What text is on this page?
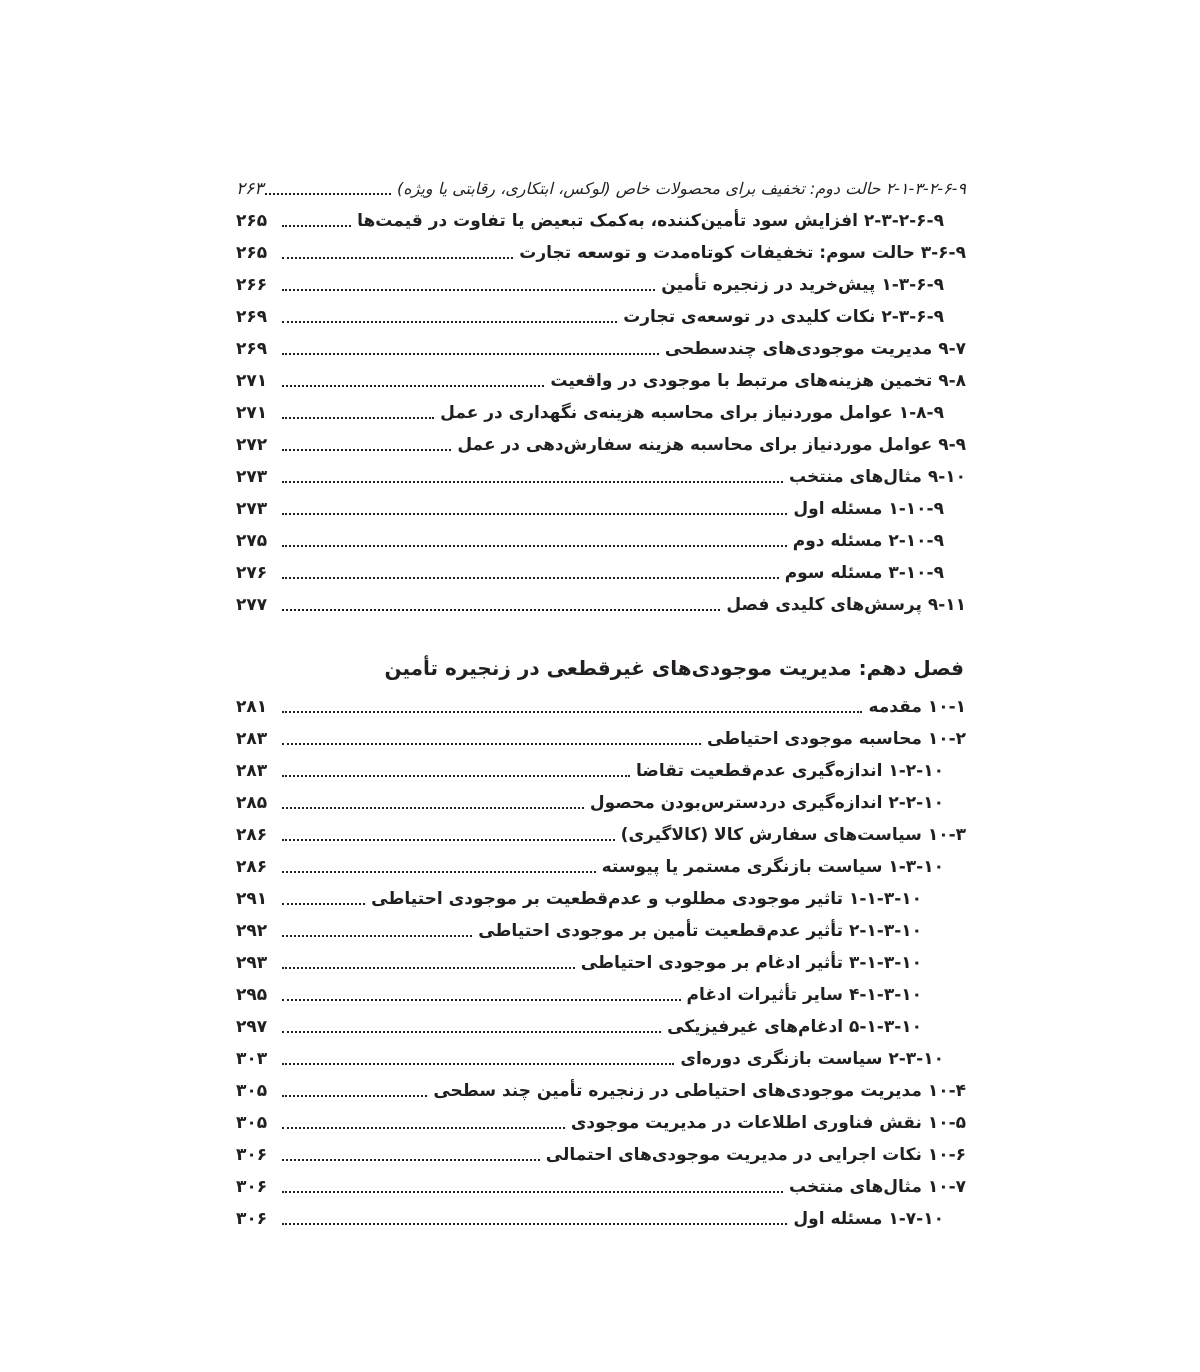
۲-۱-۳-۲-۶-۹ حالت دوم: تخفیف برای محصولات خاص (لوکس، ابتکاری، رقابتی یا ویژه)
۲۶۳
۲-۳-۲-۶-۹ افزایش سود تأمین‌کننده، به‌کمک تبعیض یا تفاوت در قیمت‌ها
۲۶۵
۳-۶-۹ حالت سوم: تخفیفات کوتاه‌مدت و توسعه تجارت
۲۶۵
۱-۳-۶-۹ پیش‌خرید در زنجیره تأمین
۲۶۶
۲-۳-۶-۹ نکات کلیدی در توسعه‌ی تجارت
۲۶۹
۹-۷ مدیریت موجودی‌های چندسطحی
۲۶۹
۹-۸ تخمین هزینه‌های مرتبط با موجودی در واقعیت
۲۷۱
۱-۸-۹ عوامل موردنیاز برای محاسبه هزینه‌ی نگهداری در عمل
۲۷۱
۹-۹ عوامل موردنیاز برای محاسبه هزینه سفارش‌دهی در عمل
۲۷۲
۹-۱۰ مثال‌های منتخب
۲۷۳
۱-۱۰-۹ مسئله اول
۲۷۳
۲-۱۰-۹ مسئله دوم
۲۷۵
۳-۱۰-۹ مسئله سوم
۲۷۶
۹-۱۱ پرسش‌های کلیدی فصل
۲۷۷
فصل دهم: مدیریت موجودی‌های غیرقطعی در زنجیره تأمین
۱۰-۱ مقدمه
۲۸۱
۱۰-۲ محاسبه موجودی احتیاطی
۲۸۳
۱-۲-۱۰ اندازه‌گیری عدم‌قطعیت تقاضا
۲۸۳
۲-۲-۱۰ اندازه‌گیری دردسترس‌بودن محصول
۲۸۵
۱۰-۳ سیاست‌های سفارش کالا (کالاگیری)
۲۸۶
۱-۳-۱۰ سیاست بازنگری مستمر یا پیوسته
۲۸۶
۱-۱-۳-۱۰ تاثیر موجودی مطلوب و عدم‌قطعیت بر موجودی احتیاطی
۲۹۱
۲-۱-۳-۱۰ تأثیر عدم‌قطعیت تأمین بر موجودی احتیاطی
۲۹۲
۳-۱-۳-۱۰ تأثیر ادغام بر موجودی احتیاطی
۲۹۳
۴-۱-۳-۱۰ سایر تأثیرات ادغام
۲۹۵
۵-۱-۳-۱۰ ادغام‌های غیرفیزیکی
۲۹۷
۲-۳-۱۰ سیاست بازنگری دوره‌ای
۳۰۳
۱۰-۴ مدیریت موجودی‌های احتیاطی در زنجیره تأمین چند سطحی
۳۰۵
۱۰-۵ نقش فناوری اطلاعات در مدیریت موجودی
۳۰۵
۱۰-۶ نکات اجرایی در مدیریت موجودی‌های احتمالی
۳۰۶
۱۰-۷ مثال‌های منتخب
۳۰۶
۱-۷-۱۰ مسئله اول
۳۰۶
